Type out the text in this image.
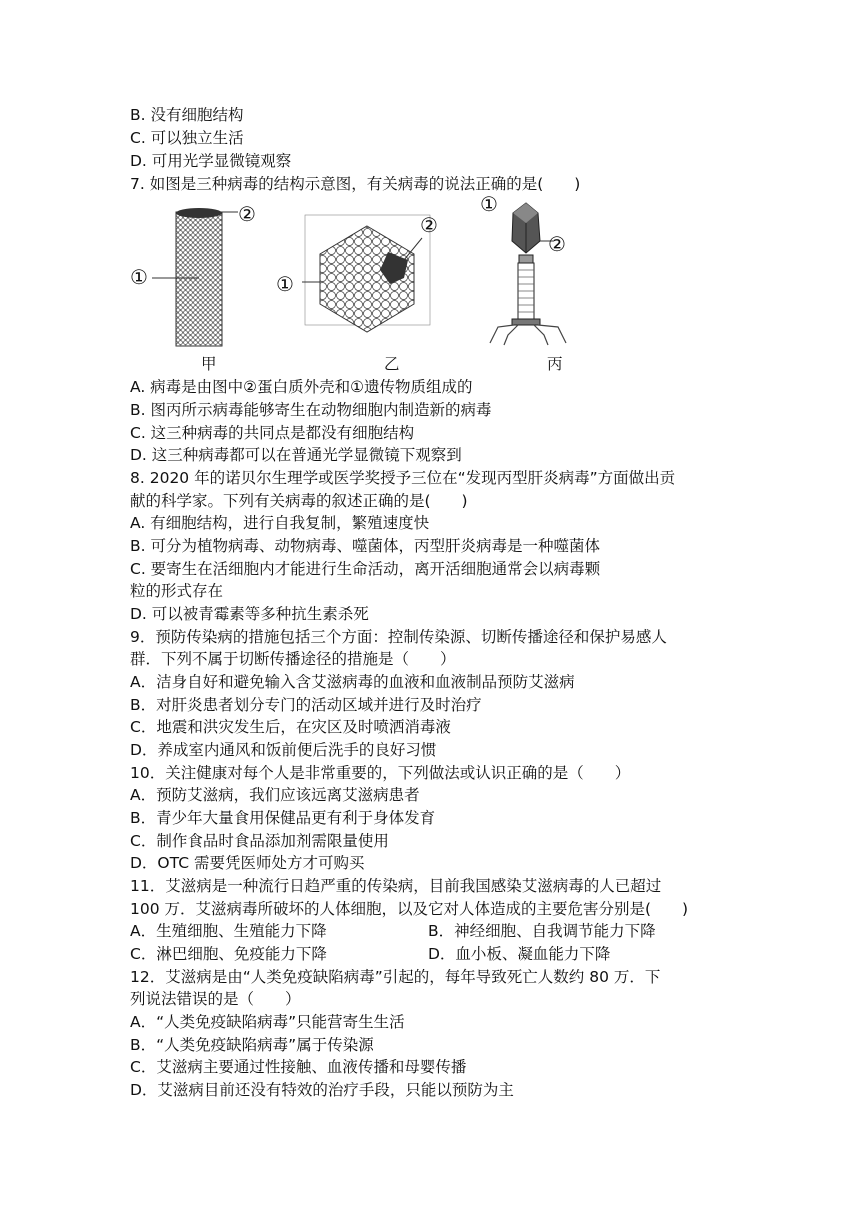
B. 没有细胞结构
C. 可以独立生活
D. 可用光学显微镜观察
7. 如图是三种病毒的结构示意图，有关病毒的说法正确的是(　　)
①
②
甲
①
②
乙
①
②
丙
A. 病毒是由图中②蛋白质外壳和①遗传物质组成的
B. 图丙所示病毒能够寄生在动物细胞内制造新的病毒
C. 这三种病毒的共同点是都没有细胞结构
D. 这三种病毒都可以在普通光学显微镜下观察到
8. 2020 年的诺贝尔生理学或医学奖授予三位在“发现丙型肝炎病毒”方面做出贡
献的科学家。下列有关病毒的叙述正确的是(　　)
A. 有细胞结构，进行自我复制，繁殖速度快
B. 可分为植物病毒、动物病毒、噬菌体，丙型肝炎病毒是一种噬菌体
C. 要寄生在活细胞内才能进行生命活动，离开活细胞通常会以病毒颗
粒的形式存在
D. 可以被青霉素等多种抗生素杀死
9．预防传染病的措施包括三个方面：控制传染源、切断传播途径和保护易感人
群．下列不属于切断传播途径的措施是（　　）
A．洁身自好和避免输入含艾滋病毒的血液和血液制品预防艾滋病
B．对肝炎患者划分专门的活动区域并进行及时治疗
C．地震和洪灾发生后，在灾区及时喷洒消毒液
D．养成室内通风和饭前便后洗手的良好习惯
10．关注健康对每个人是非常重要的，下列做法或认识正确的是（　　）
A．预防艾滋病，我们应该远离艾滋病患者
B．青少年大量食用保健品更有利于身体发育
C．制作食品时食品添加剂需限量使用
D．OTC 需要凭医师处方才可购买
11．艾滋病是一种流行日趋严重的传染病，目前我国感染艾滋病毒的人已超过
100 万．艾滋病毒所破坏的人体细胞，以及它对人体造成的主要危害分别是(　　)
A．生殖细胞、生殖能力下降	B．神经细胞、自我调节能力下降
C．淋巴细胞、免疫能力下降	D．血小板、凝血能力下降
12．艾滋病是由“人类免疫缺陷病毒”引起的，每年导致死亡人数约 80 万．下
列说法错误的是（　　）
A．“人类免疫缺陷病毒”只能营寄生生活
B．“人类免疫缺陷病毒”属于传染源
C．艾滋病主要通过性接触、血液传播和母婴传播
D．艾滋病目前还没有特效的治疗手段，只能以预防为主
